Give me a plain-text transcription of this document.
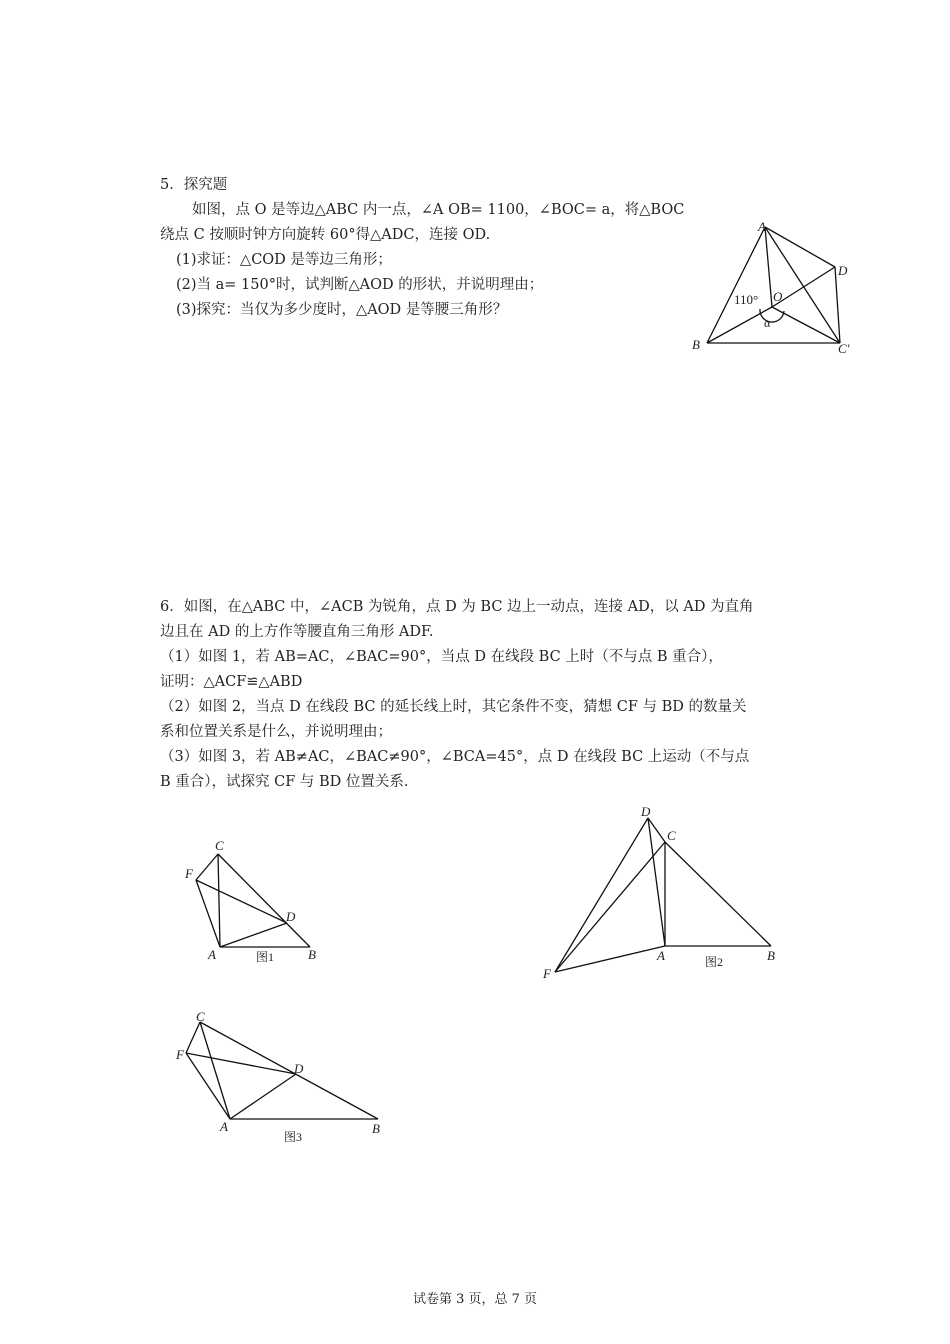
5．探究题
如图，点 O 是等边△ABC 内一点，∠A OB= 1100，∠BOC= a，将△BOC
绕点 C 按顺时钟方向旋转 60°得△ADC，连接 OD.
(1)求证：△COD 是等边三角形；
(2)当 a= 150°时，试判断△AOD 的形状，并说明理由；
(3)探究：当仅为多少度时，△AOD 是等腰三角形？
A
B	C'
D
O
110°
α
6．如图，在△ABC 中，∠ACB 为锐角，点 D 为 BC 边上一动点，连接 AD，以 AD 为直角
边且在 AD 的上方作等腰直角三角形 ADF.
（1）如图 1，若 AB=AC，∠BAC=90°，当点 D 在线段 BC 上时（不与点 B 重合），
证明：△ACF≌△ABD
（2）如图 2，当点 D 在线段 BC 的延长线上时，其它条件不变，猜想 CF 与 BD 的数量关
系和位置关系是什么，并说明理由；
（3）如图 3，若 AB≠AC，∠BAC≠90°，∠BCA=45°，点 D 在线段 BC 上运动（不与点
B 重合），试探究 CF 与 BD 位置关系.
A	B
C
D
F
图1
D
C
A	B
F
图2
C
F
D
A	B
图3
试卷第 3 页，总 7 页
